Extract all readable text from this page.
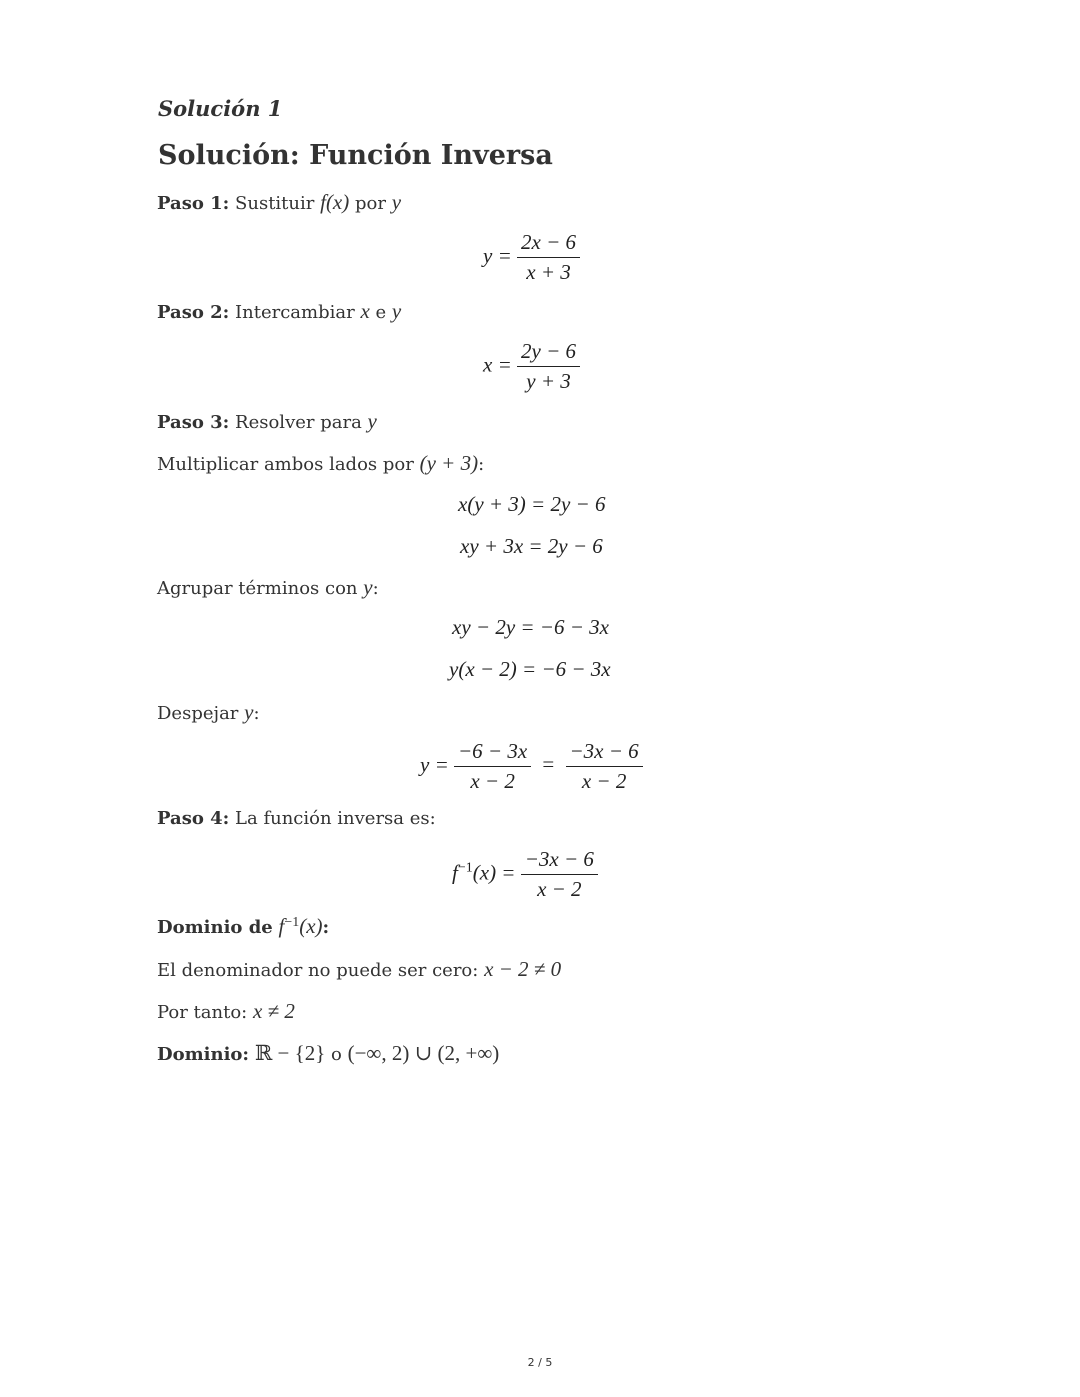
Solución 1
Solución: Función Inversa
Paso 1: Sustituir f(x) por y
$y = \frac{2x - 6}{x + 3}$
Paso 2: Intercambiar x e y
$x = \frac{2y - 6}{y + 3}$
Paso 3: Resolver para y
Multiplicar ambos lados por (y + 3):
x(y + 3) = 2y − 6
xy + 3x = 2y − 6
Agrupar términos con y:
xy − 2y = −6 − 3x
y(x − 2) = −6 − 3x
Despejar y:
$y = \frac{-6 - 3x}{x - 2} = \frac{-3x - 6}{x - 2}$
Paso 4: La función inversa es:
$f^{-1}(x) = \frac{-3x - 6}{x - 2}$
Dominio de $f^{-1}(x)$:
El denominador no puede ser cero: x − 2 ≠ 0
Por tanto: x ≠ 2
Dominio: ℝ − {2} o (−∞, 2) ∪ (2, +∞)
2 / 5
